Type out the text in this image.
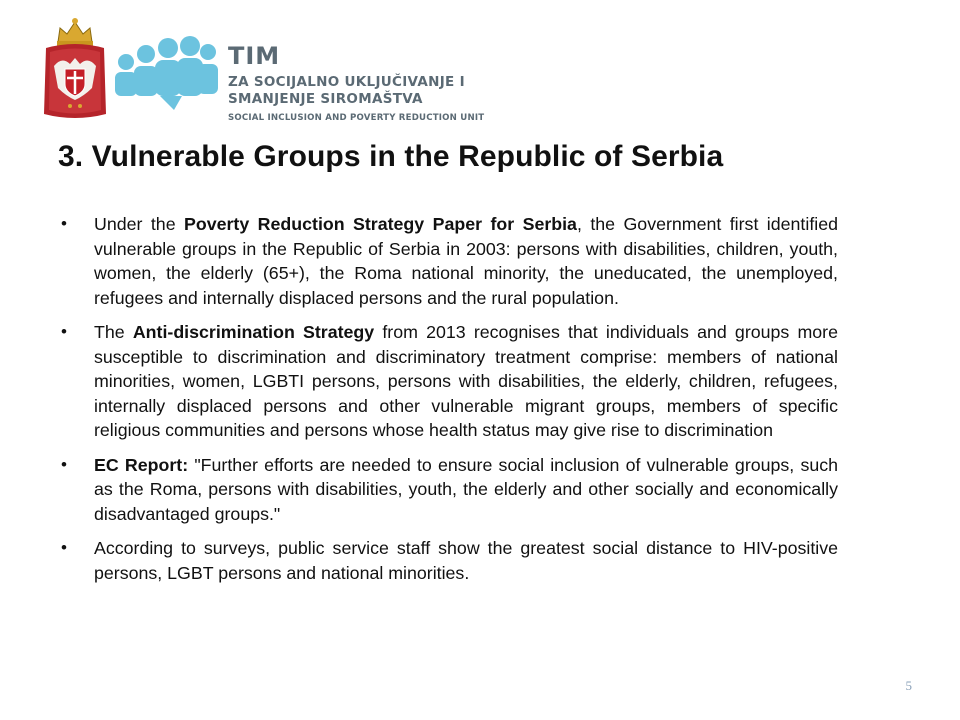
TIM
ZA SOCIJALNO UKLJUČIVANJE I
SMANJENJE SIROMAŠTVA
SOCIAL INCLUSION AND POVERTY REDUCTION UNIT
3. Vulnerable Groups in the Republic of Serbia
• Under the Poverty Reduction Strategy Paper for Serbia, the Government first identified vulnerable groups in the Republic of Serbia in 2003: persons with disabilities, children, youth, women, the elderly (65+), the Roma national minority, the uneducated, the unemployed, refugees and internally displaced persons and the rural population.
• The Anti-discrimination Strategy from 2013 recognises that individuals and groups more susceptible to discrimination and discriminatory treatment comprise: members of national minorities, women, LGBTI persons, persons with disabilities, the elderly, children, refugees, internally displaced persons and other vulnerable migrant groups, members of specific religious communities and persons whose health status may give rise to discrimination
• EC Report: "Further efforts are needed to ensure social inclusion of vulnerable groups, such as the Roma, persons with disabilities, youth, the elderly and other socially and economically disadvantaged groups."
• According to surveys, public service staff show the greatest social distance to HIV-positive persons, LGBT persons and national minorities.
5
